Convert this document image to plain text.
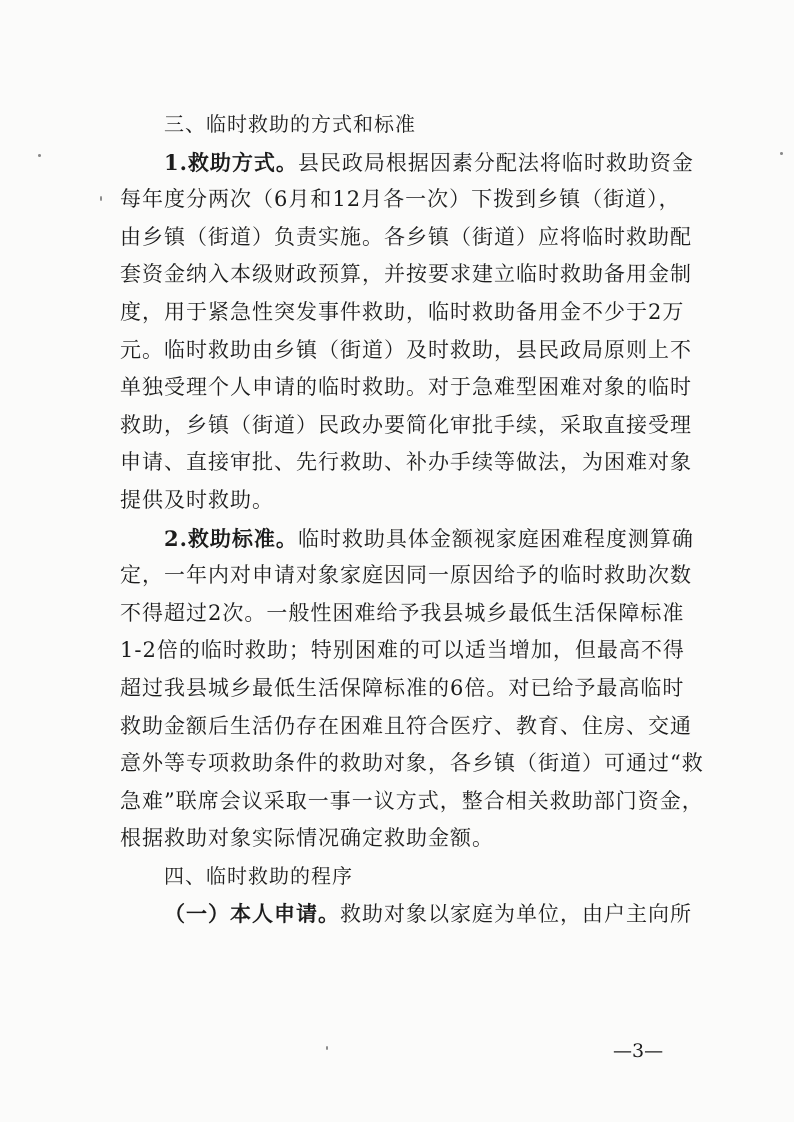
三、临时救助的方式和标准
1.救助方式。县民政局根据因素分配法将临时救助资金
每年度分两次（6月和12月各一次）下拨到乡镇（街道），
由乡镇（街道）负责实施。各乡镇（街道）应将临时救助配
套资金纳入本级财政预算，并按要求建立临时救助备用金制
度，用于紧急性突发事件救助，临时救助备用金不少于2万
元。临时救助由乡镇（街道）及时救助，县民政局原则上不
单独受理个人申请的临时救助。对于急难型困难对象的临时
救助，乡镇（街道）民政办要简化审批手续，采取直接受理
申请、直接审批、先行救助、补办手续等做法，为困难对象
提供及时救助。
2.救助标准。临时救助具体金额视家庭困难程度测算确
定，一年内对申请对象家庭因同一原因给予的临时救助次数
不得超过2次。一般性困难给予我县城乡最低生活保障标准
1-2倍的临时救助；特别困难的可以适当增加，但最高不得
超过我县城乡最低生活保障标准的6倍。对已给予最高临时
救助金额后生活仍存在困难且符合医疗、教育、住房、交通
意外等专项救助条件的救助对象，各乡镇（街道）可通过“救
急难”联席会议采取一事一议方式，整合相关救助部门资金，
根据救助对象实际情况确定救助金额。
四、临时救助的程序
（一）本人申请。救助对象以家庭为单位，由户主向所
—3—
